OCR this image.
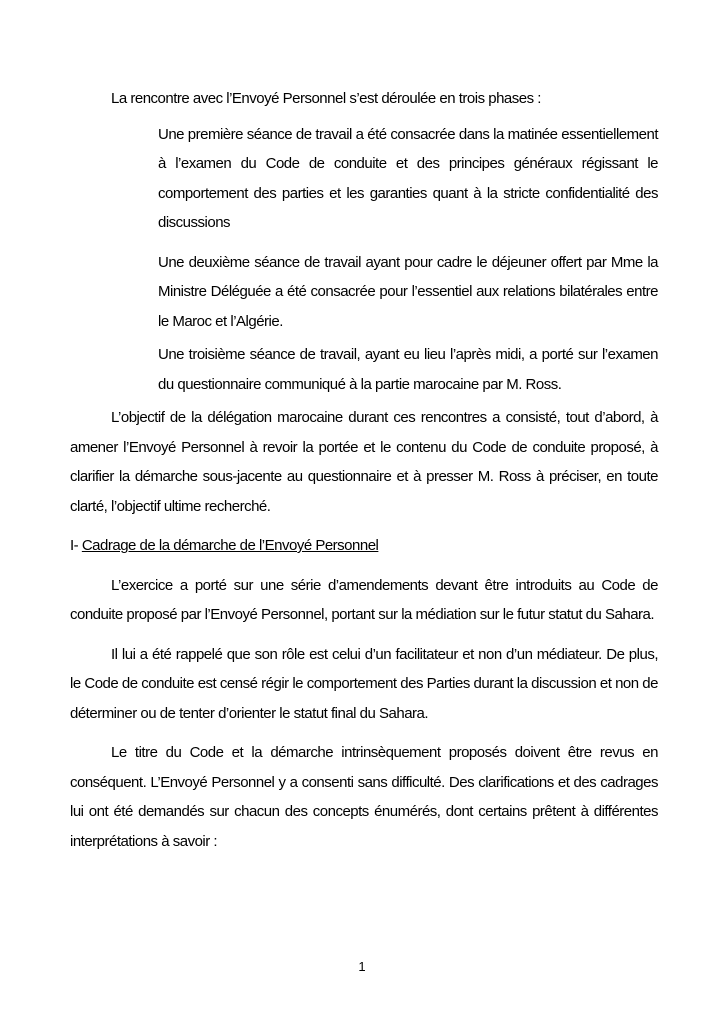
La rencontre avec l’Envoyé Personnel s’est déroulée en trois phases :

Une première séance de travail a été consacrée dans la matinée essentiellement à l’examen du Code de conduite et des principes généraux régissant le comportement des parties et les garanties quant à la stricte confidentialité des discussions

Une deuxième séance de travail ayant pour cadre le déjeuner offert par Mme la Ministre Déléguée a été consacrée pour l’essentiel aux relations bilatérales entre le Maroc et l’Algérie.

Une troisième séance de travail, ayant eu lieu l’après midi, a porté sur l’examen du questionnaire communiqué à la partie marocaine par M. Ross.

L’objectif de la délégation marocaine durant ces rencontres a consisté, tout d’abord, à amener l’Envoyé Personnel à revoir la portée et le contenu du Code de conduite proposé, à clarifier la démarche sous-jacente au questionnaire et à presser M. Ross à préciser, en toute clarté, l’objectif ultime recherché.

I- Cadrage de la démarche de l’Envoyé Personnel

L’exercice a porté sur une série d’amendements devant être introduits au Code de conduite proposé par l’Envoyé Personnel, portant sur la médiation sur le futur statut du Sahara.

Il lui a été rappelé que son rôle est celui d’un facilitateur et non d’un médiateur. De plus, le Code de conduite est censé régir le comportement des Parties durant la discussion et non de déterminer ou de tenter d’orienter le statut final du Sahara.

Le titre du Code et la démarche intrinsèquement proposés doivent être revus en conséquent. L’Envoyé Personnel y a consenti sans difficulté. Des clarifications et des cadrages lui ont été demandés sur chacun des concepts énumérés, dont certains prêtent à différentes interprétations à savoir :

1
